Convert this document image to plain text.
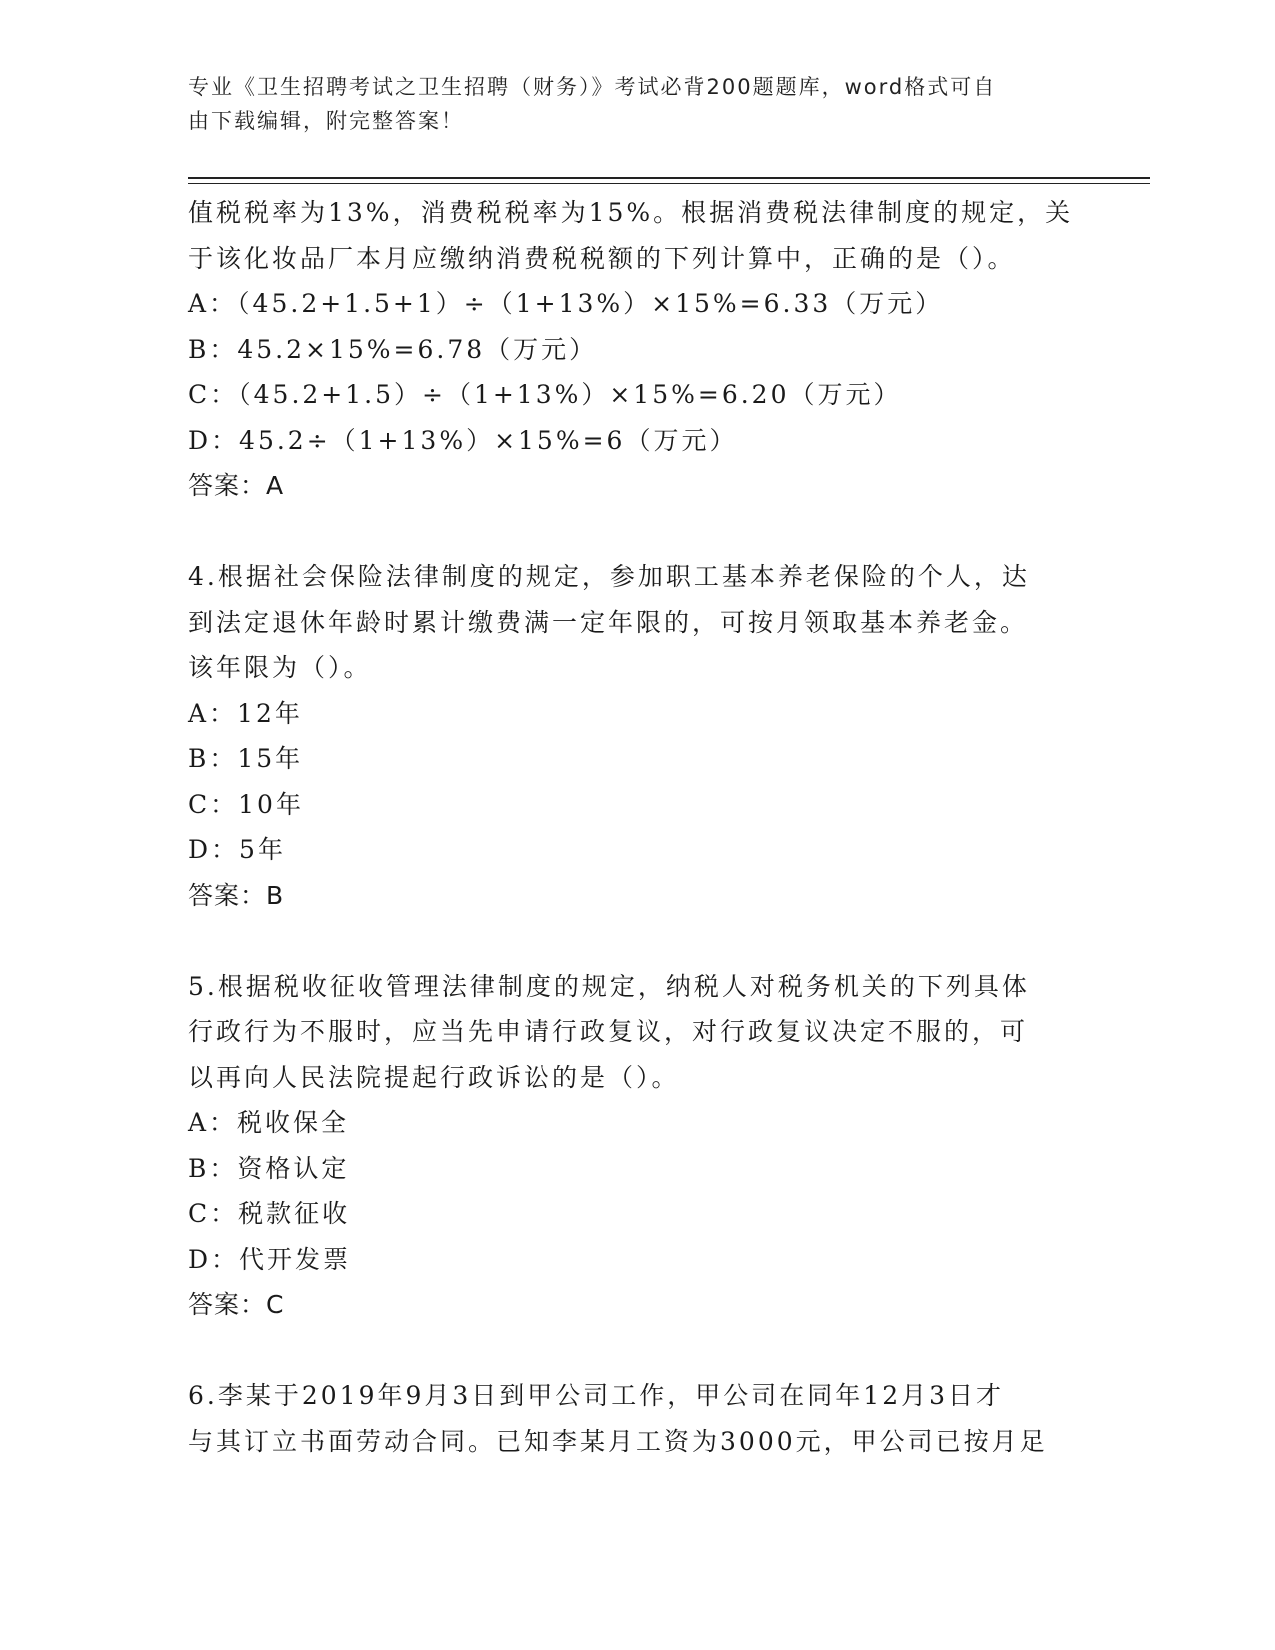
专业《卫生招聘考试之卫生招聘（财务）》考试必背200题题库，word格式可自
由下载编辑，附完整答案！
值税税率为13%，消费税税率为15%。根据消费税法律制度的规定，关
于该化妆品厂本月应缴纳消费税税额的下列计算中，正确的是（）。
A：（45.2+1.5+1）÷（1+13%）×15%=6.33（万元）
B：45.2×15%=6.78（万元）
C：（45.2+1.5）÷（1+13%）×15%=6.20（万元）
D：45.2÷（1+13%）×15%=6（万元）
答案：A
4.根据社会保险法律制度的规定，参加职工基本养老保险的个人，达
到法定退休年龄时累计缴费满一定年限的，可按月领取基本养老金。
该年限为（）。
A：12年
B：15年
C：10年
D：5年
答案：B
5.根据税收征收管理法律制度的规定，纳税人对税务机关的下列具体
行政行为不服时，应当先申请行政复议，对行政复议决定不服的，可
以再向人民法院提起行政诉讼的是（）。
A：税收保全
B：资格认定
C：税款征收
D：代开发票
答案：C
6.李某于2019年9月3日到甲公司工作，甲公司在同年12月3日才
与其订立书面劳动合同。已知李某月工资为3000元，甲公司已按月足
